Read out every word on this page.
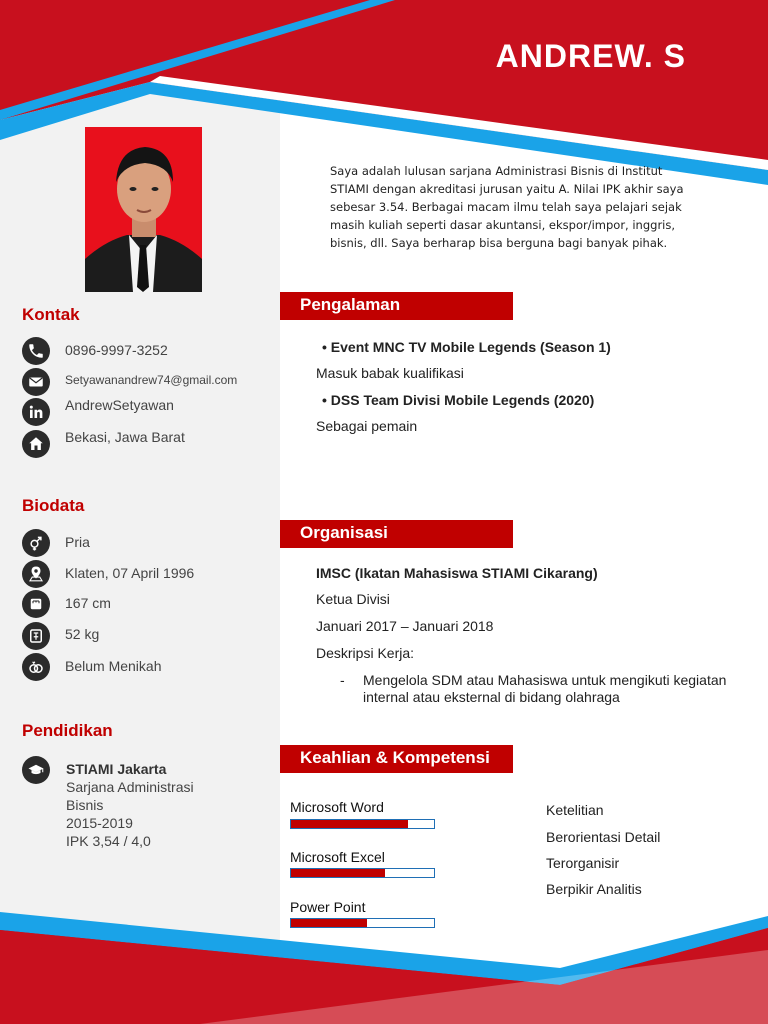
ANDREW. S
Saya adalah lulusan sarjana Administrasi Bisnis di Institut STIAMI dengan akreditasi jurusan yaitu A. Nilai IPK akhir saya sebesar 3.54. Berbagai macam ilmu telah saya pelajari sejak masih kuliah seperti dasar akuntansi, ekspor/impor, inggris, bisnis, dll. Saya berharap bisa berguna bagi banyak pihak.
Kontak
0896-9997-3252
Setyawanandrew74@gmail.com
AndrewSetyawan
Bekasi, Jawa Barat
Biodata
Pria
Klaten, 07 April 1996
167 cm
52 kg
Belum Menikah
Pendidikan
STIAMI Jakarta
Sarjana Administrasi
Bisnis
2015-2019
IPK 3,54 / 4,0
Pengalaman
• Event MNC TV Mobile Legends (Season 1)
Masuk babak kualifikasi
• DSS Team Divisi Mobile Legends (2020)
Sebagai pemain
Organisasi
IMSC (Ikatan Mahasiswa STIAMI Cikarang)
Ketua Divisi
Januari 2017 – Januari 2018
Deskripsi Kerja:
- Mengelola SDM atau Mahasiswa untuk mengikuti kegiatan internal atau eksternal di bidang olahraga
Keahlian & Kompetensi
Microsoft Word
Microsoft Excel
Power Point
Ketelitian
Berorientasi Detail
Terorganisir
Berpikir Analitis
